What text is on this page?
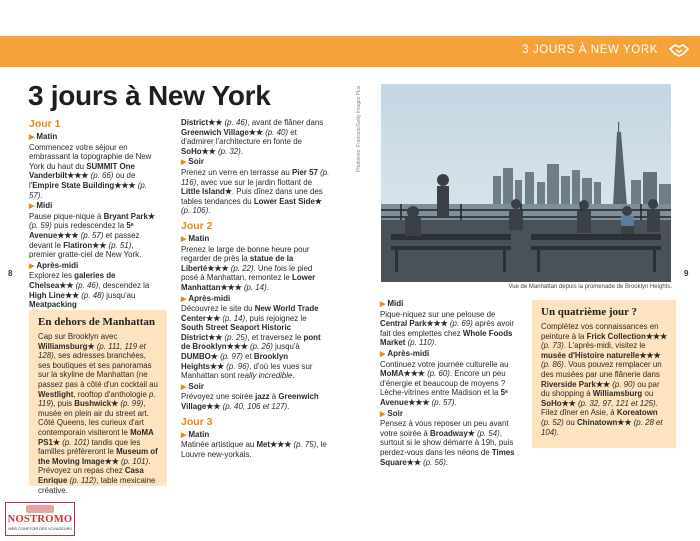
3 JOURS À NEW YORK
3 jours à New York
8	9
Jour 1
▶ Matin
Commencez votre séjour en embrassant la topographie de New York du haut du SUMMIT One Vanderbilt★★★ (p. 66) ou de l'Empire State Building★★★ (p. 57).
▶ Midi
Pause pique-nique à Bryant Park★ (p. 59) puis redescendez la 5ᵉ Avenue★★★ (p. 57) et passez devant le Flatiron★★ (p. 51), premier gratte-ciel de New York.
▶ Après-midi
Explorez les galeries de Chelsea★★ (p. 46), descendez la High Line★★ (p. 48) jusqu'au Meatpacking
En dehors de Manhattan
Cap sur Brooklyn avec Williamsburg★ (p. 111, 119 et 128), ses adresses branchées, ses boutiques et ses panoramas sur la skyline de Manhattan (ne passez pas à côté d'un cocktail au Westlight, rooftop d'anthologie p. 119), puis Bushwick★ (p. 99), musée en plein air du street art.
Côté Queens, les curieux d'art contemporain visiteront le MoMA PS1★ (p. 101) tandis que les familles préféreront le Museum of the Moving Image★★ (p. 101). Prévoyez un repas chez Casa Enrique (p. 112), table mexicaine créative.
District★★ (p. 46), avant de flâner dans Greenwich Village★★ (p. 40) et d'admirer l'architecture en fonte de SoHo★★ (p. 32).
▶ Soir
Prenez un verre en terrasse au Pier 57 (p. 116), avec vue sur le jardin flottant de Little Island★. Puis dînez dans une des tables tendances du Lower East Side★ (p. 106).
Jour 2
▶ Matin
Prenez le large de bonne heure pour regarder de près la statue de la Liberté★★★ (p. 22). Une fois le pied posé à Manhattan, remontez le Lower Manhattan★★★ (p. 14).
▶ Après-midi
Découvrez le site du New World Trade Center★★ (p. 14), puis rejoignez le South Street Seaport Historic District★★ (p. 25), et traversez le pont de Brooklyn★★★ (p. 26) jusqu'à DUMBO★ (p. 97) et Brooklyn Heights★★ (p. 96), d'où les vues sur Manhattan sont really incredible.
▶ Soir
Prévoyez une soirée jazz à Greenwich Village★★ (p. 40, 106 et 127).
Jour 3
▶ Matin
Matinée artistique au Met★★★ (p. 75), le Louvre new-yorkais.
Photolove: Francois/Getty Images Plus
Vue de Manhattan depuis la promenade de Brooklyn Heights.
▶ Midi
Pique-niquez sur une pelouse de Central Park★★★ (p. 69) après avoir fait des emplettes chez Whole Foods Market (p. 110).
▶ Après-midi
Continuez votre journée culturelle au MoMA★★★ (p. 60). Encore un peu d'énergie et beaucoup de moyens ? Lèche-vitrines entre Madison et la 5ᵉ Avenue★★★ (p. 57).
▶ Soir
Pensez à vous reposer un peu avant votre soirée à Broadway★ (p. 54), surtout si le show démarre à 19h, puis perdez-vous dans les néons de Times Square★★ (p. 56).
Un quatrième jour ?
Complétez vos connaissances en peinture à la Frick Collection★★★ (p. 73). L'après-midi, visitez le musée d'Histoire naturelle★★★ (p. 86). Vous pouvez remplacer un des musées par une flânerie dans Riverside Park★★ (p. 90) ou par du shopping à Williamsburg ou SoHo★★ (p. 32, 97, 121 et 125). Filez dîner en Asie, à Koreatown (p. 52) ou Chinatown★★ (p. 28 et 104).
NOSTROMO
WEB COMPTOIR DES VOYAGEURS
